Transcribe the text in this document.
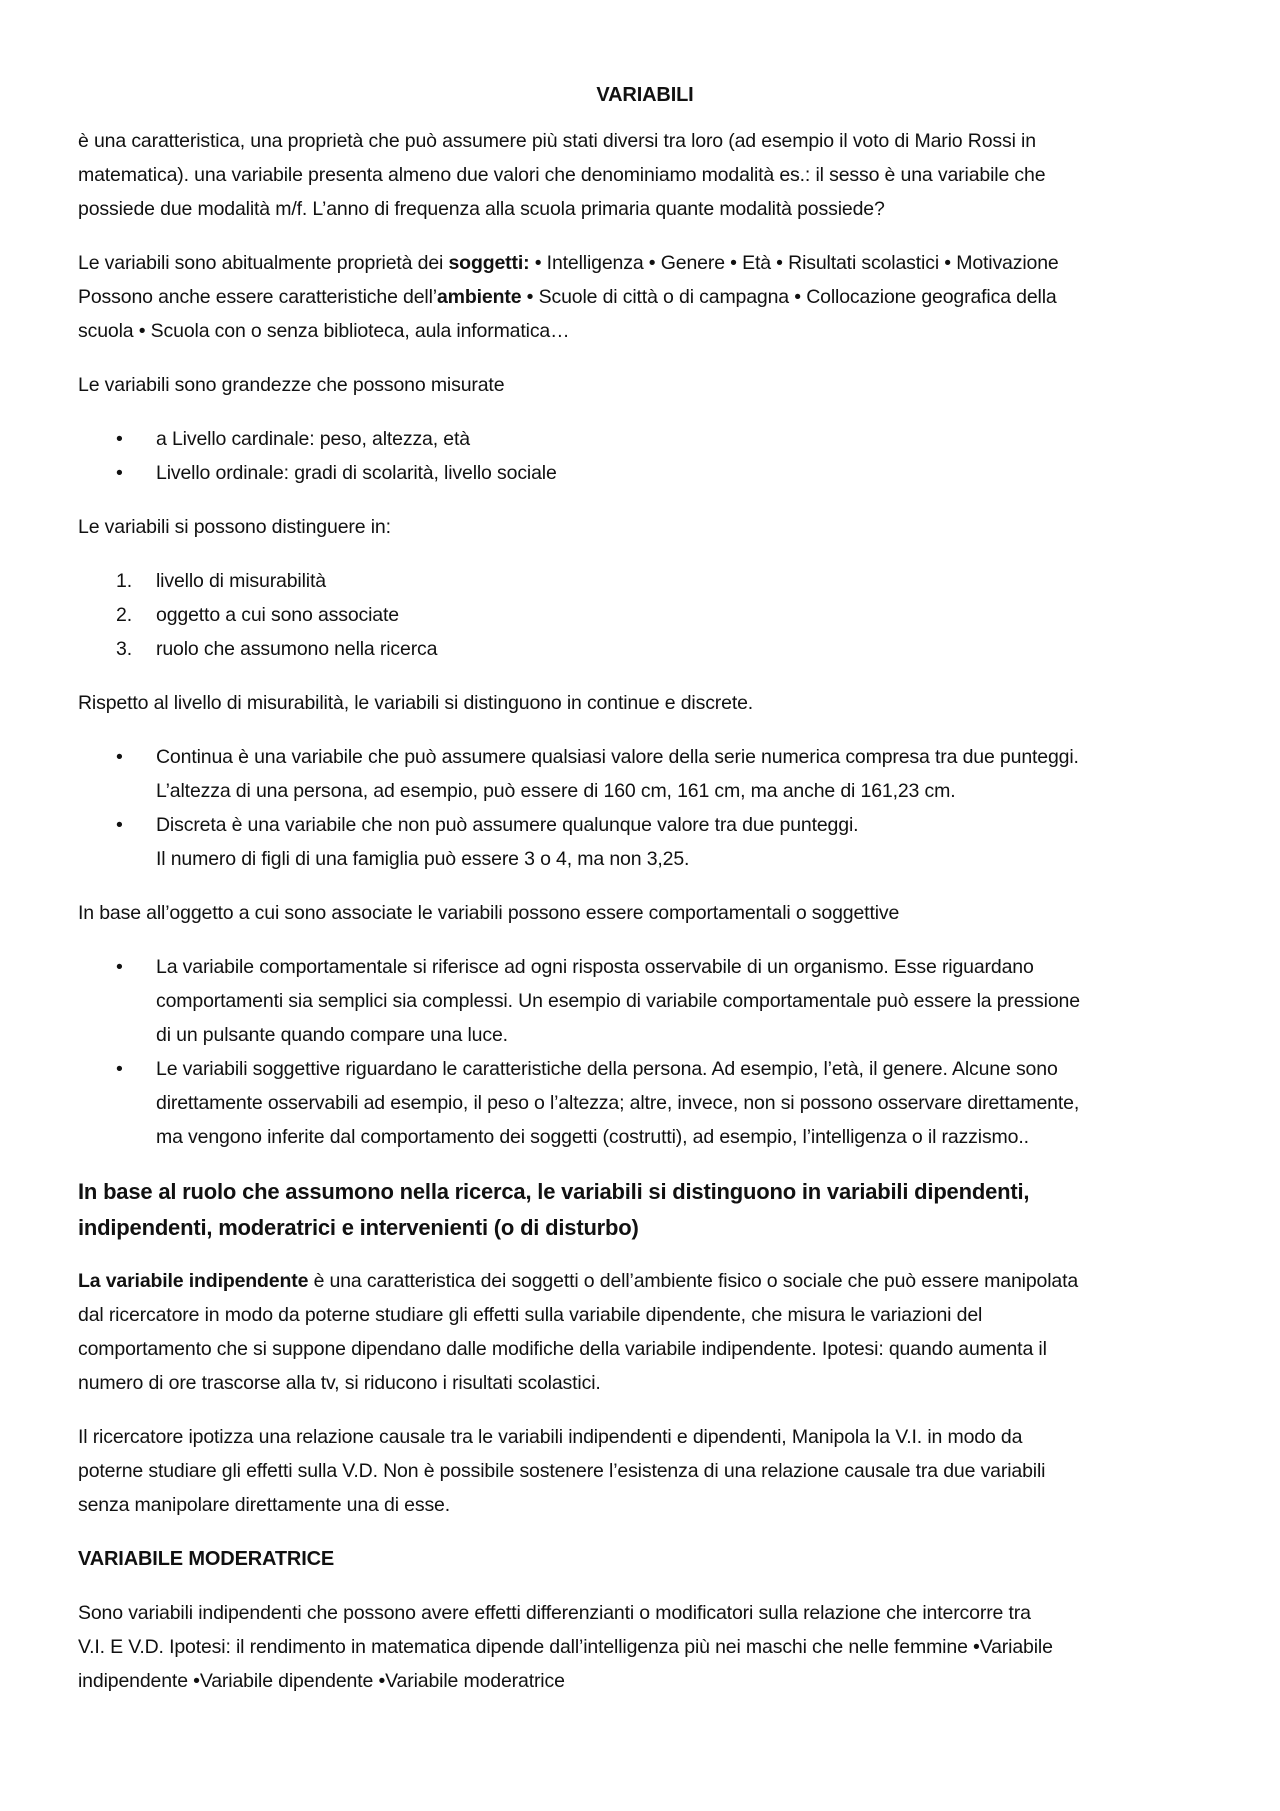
VARIABILI

è una caratteristica, una proprietà che può assumere più stati diversi tra loro (ad esempio il voto di Mario Rossi in
matematica). una variabile presenta almeno due valori che denominiamo modalità es.: il sesso è una variabile che
possiede due modalità m/f. L’anno di frequenza alla scuola primaria quante modalità possiede?

Le variabili sono abitualmente proprietà dei soggetti: • Intelligenza • Genere • Età • Risultati scolastici • Motivazione
Possono anche essere caratteristiche dell’ambiente • Scuole di città o di campagna • Collocazione geografica della
scuola • Scuola con o senza biblioteca, aula informatica…

Le variabili sono grandezze che possono misurate

•	a Livello cardinale: peso, altezza, età
•	Livello ordinale: gradi di scolarità, livello sociale

Le variabili si possono distinguere in:

1.	livello di misurabilità
2.	oggetto a cui sono associate
3.	ruolo che assumono nella ricerca

Rispetto al livello di misurabilità, le variabili si distinguono in continue e discrete.

•	Continua è una variabile che può assumere qualsiasi valore della serie numerica compresa tra due punteggi.
L’altezza di una persona, ad esempio, può essere di 160 cm, 161 cm, ma anche di 161,23 cm.
•	Discreta è una variabile che non può assumere qualunque valore tra due punteggi.
Il numero di figli di una famiglia può essere 3 o 4, ma non 3,25.

In base all’oggetto a cui sono associate le variabili possono essere comportamentali o soggettive

•	La variabile comportamentale si riferisce ad ogni risposta osservabile di un organismo. Esse riguardano
comportamenti sia semplici sia complessi. Un esempio di variabile comportamentale può essere la pressione
di un pulsante quando compare una luce.
•	Le variabili soggettive riguardano le caratteristiche della persona. Ad esempio, l’età, il genere. Alcune sono
direttamente osservabili ad esempio, il peso o l’altezza; altre, invece, non si possono osservare direttamente,
ma vengono inferite dal comportamento dei soggetti (costrutti), ad esempio, l’intelligenza o il razzismo..
In base al ruolo che assumono nella ricerca, le variabili si distinguono in variabili dipendenti,
indipendenti, moderatrici e intervenienti (o di disturbo)

La variabile indipendente è una caratteristica dei soggetti o dell’ambiente fisico o sociale che può essere manipolata
dal ricercatore in modo da poterne studiare gli effetti sulla variabile dipendente, che misura le variazioni del
comportamento che si suppone dipendano dalle modifiche della variabile indipendente. Ipotesi: quando aumenta il
numero di ore trascorse alla tv, si riducono i risultati scolastici.

Il ricercatore ipotizza una relazione causale tra le variabili indipendenti e dipendenti, Manipola la V.I. in modo da
poterne studiare gli effetti sulla V.D. Non è possibile sostenere l’esistenza di una relazione causale tra due variabili
senza manipolare direttamente una di esse.

VARIABILE MODERATRICE

Sono variabili indipendenti che possono avere effetti differenzianti o modificatori sulla relazione che intercorre tra
V.I. E V.D. Ipotesi: il rendimento in matematica dipende dall’intelligenza più nei maschi che nelle femmine •Variabile
indipendente •Variabile dipendente •Variabile moderatrice
